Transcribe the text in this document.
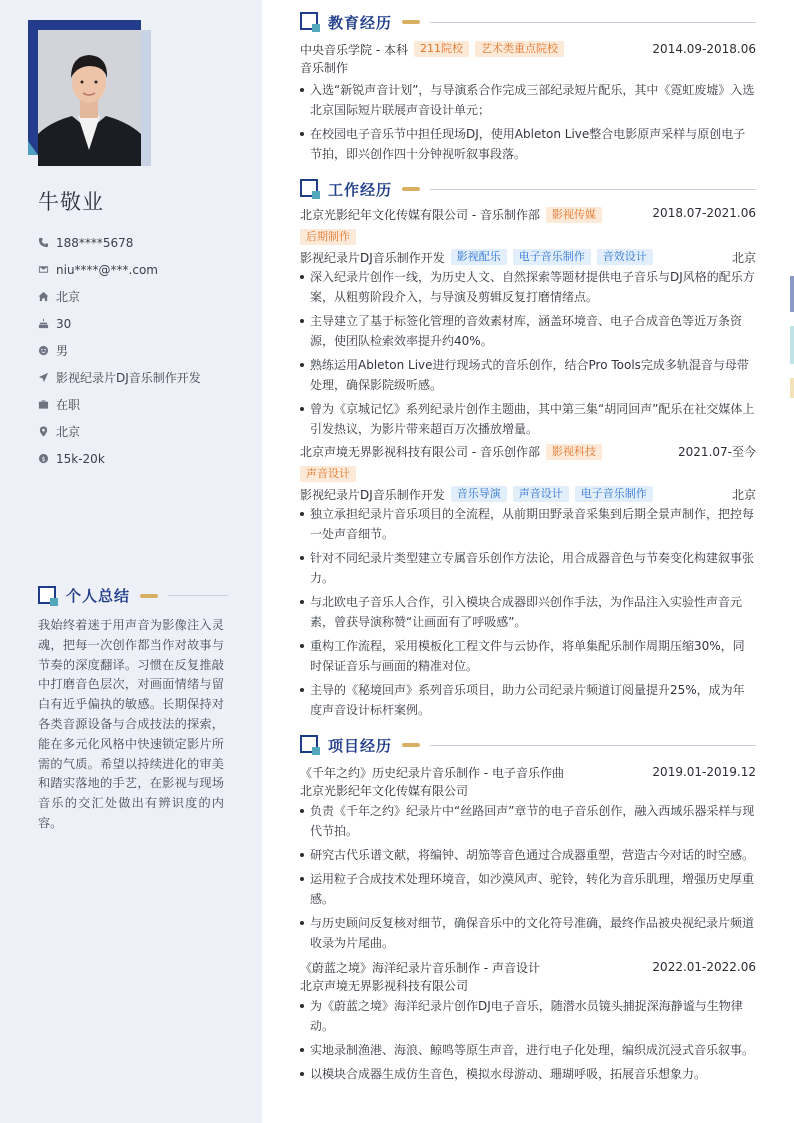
牛敬业
188****5678
niu****@***.com
北京
30
男
影视纪录片DJ音乐制作开发
在职
北京
$ 15k-20k
个人总结

我始终着迷于用声音为影像注入灵魂，把每一次创作都当作对故事与节奏的深度翻译。习惯在反复推敲中打磨音色层次，对画面情绪与留白有近乎偏执的敏感。长期保持对各类音源设备与合成技法的探索，能在多元化风格中快速锁定影片所需的气质。希望以持续进化的审美和踏实落地的手艺，在影视与现场音乐的交汇处做出有辨识度的内容。

教育经历
中央音乐学院 - 本科	211院校	艺术类重点院校	2014.09-2018.06
音乐制作
入选“新锐声音计划”，与导演系合作完成三部纪录短片配乐，其中《霓虹废墟》入选北京国际短片联展声音设计单元；
在校园电子音乐节中担任现场DJ，使用Ableton Live整合电影原声采样与原创电子节拍，即兴创作四十分钟视听叙事段落。
工作经历
北京光影纪年文化传媒有限公司 - 音乐制作部	影视传媒
后期制作
2018.07-2021.06
影视纪录片DJ音乐制作开发	影视配乐	电子音乐制作	音效设计	北京
深入纪录片创作一线，为历史人文、自然探索等题材提供电子音乐与DJ风格的配乐方案，从粗剪阶段介入，与导演及剪辑反复打磨情绪点。
主导建立了基于标签化管理的音效素材库，涵盖环境音、电子合成音色等近万条资源，使团队检索效率提升约40%。
熟练运用Ableton Live进行现场式的音乐创作，结合Pro Tools完成多轨混音与母带处理，确保影院级听感。
曾为《京城记忆》系列纪录片创作主题曲，其中第三集“胡同回声”配乐在社交媒体上引发热议，为影片带来超百万次播放增量。
北京声境无界影视科技有限公司 - 音乐创作部	影视科技
声音设计
2021.07-至今
影视纪录片DJ音乐制作开发	音乐导演	声音设计	电子音乐制作	北京
独立承担纪录片音乐项目的全流程，从前期田野录音采集到后期全景声制作，把控每一处声音细节。
针对不同纪录片类型建立专属音乐创作方法论，用合成器音色与节奏变化构建叙事张力。
与北欧电子音乐人合作，引入模块合成器即兴创作手法，为作品注入实验性声音元素，曾获导演称赞“让画面有了呼吸感”。
重构工作流程，采用模板化工程文件与云协作，将单集配乐制作周期压缩30%，同时保证音乐与画面的精准对位。
主导的《秘境回声》系列音乐项目，助力公司纪录片频道订阅量提升25%，成为年度声音设计标杆案例。
项目经历
《千年之约》历史纪录片音乐制作 - 电子音乐作曲	2019.01-2019.12
北京光影纪年文化传媒有限公司
负责《千年之约》纪录片中“丝路回声”章节的电子音乐创作，融入西域乐器采样与现代节拍。
研究古代乐谱文献，将编钟、胡笳等音色通过合成器重塑，营造古今对话的时空感。
运用粒子合成技术处理环境音，如沙漠风声、驼铃，转化为音乐肌理，增强历史厚重感。
与历史顾问反复核对细节，确保音乐中的文化符号准确，最终作品被央视纪录片频道收录为片尾曲。
《蔚蓝之境》海洋纪录片音乐制作 - 声音设计	2022.01-2022.06
北京声境无界影视科技有限公司
为《蔚蓝之境》海洋纪录片创作DJ电子音乐，随潜水员镜头捕捉深海静谧与生物律动。
实地录制渔港、海浪、鲸鸣等原生声音，进行电子化处理，编织成沉浸式音乐叙事。
以模块合成器生成仿生音色，模拟水母游动、珊瑚呼吸，拓展音乐想象力。
